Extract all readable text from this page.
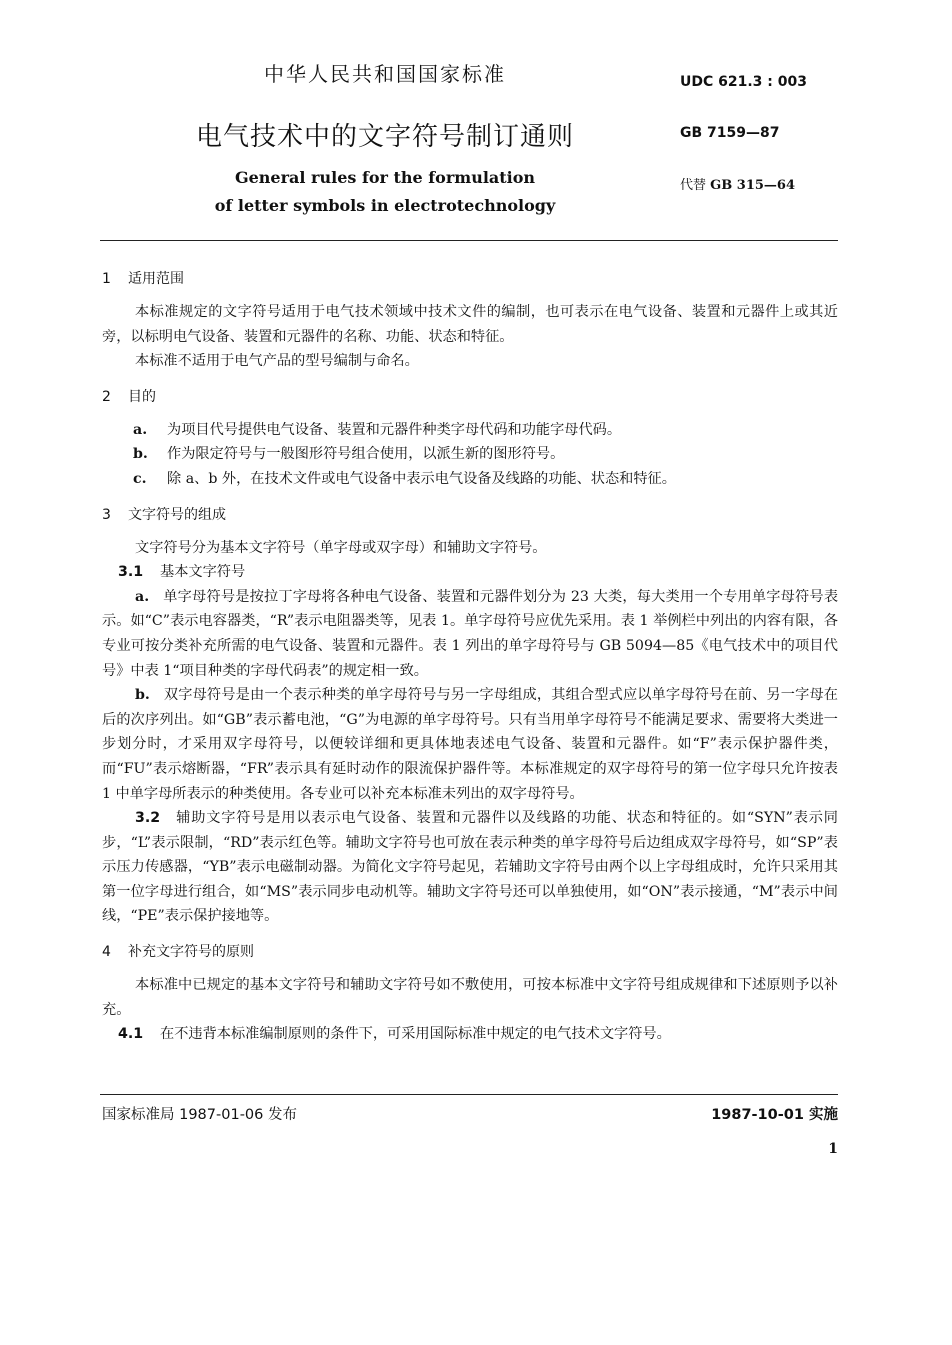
中华人民共和国国家标准
电气技术中的文字符号制订通则
General rules for the formulation
of letter symbols in electrotechnology
UDC 621.3 : 003
GB 7159—87
代替 GB 315—64
1 适用范围

本标准规定的文字符号适用于电气技术领域中技术文件的编制，也可表示在电气设备、装置和元器件上或其近旁，以标明电气设备、装置和元器件的名称、功能、状态和特征。

本标准不适用于电气产品的型号编制与命名。

2 目的

a. 为项目代号提供电气设备、装置和元器件种类字母代码和功能字母代码。

b. 作为限定符号与一般图形符号组合使用，以派生新的图形符号。

c. 除 a、b 外，在技术文件或电气设备中表示电气设备及线路的功能、状态和特征。

3 文字符号的组成

文字符号分为基本文字符号（单字母或双字母）和辅助文字符号。

3.1 基本文字符号

a. 单字母符号是按拉丁字母将各种电气设备、装置和元器件划分为 23 大类，每大类用一个专用单字母符号表示。如“C”表示电容器类，“R”表示电阻器类等，见表 1。单字母符号应优先采用。表 1 举例栏中列出的内容有限，各专业可按分类补充所需的电气设备、装置和元器件。表 1 列出的单字母符号与 GB 5094—85《电气技术中的项目代号》中表 1“项目种类的字母代码表”的规定相一致。

b. 双字母符号是由一个表示种类的单字母符号与另一字母组成，其组合型式应以单字母符号在前、另一字母在后的次序列出。如“GB”表示蓄电池，“G”为电源的单字母符号。只有当用单字母符号不能满足要求、需要将大类进一步划分时，才采用双字母符号，以便较详细和更具体地表述电气设备、装置和元器件。如“F”表示保护器件类，而“FU”表示熔断器，“FR”表示具有延时动作的限流保护器件等。本标准规定的双字母符号的第一位字母只允许按表 1 中单字母所表示的种类使用。各专业可以补充本标准未列出的双字母符号。

3.2 辅助文字符号是用以表示电气设备、装置和元器件以及线路的功能、状态和特征的。如“SYN”表示同步，“L”表示限制，“RD”表示红色等。辅助文字符号也可放在表示种类的单字母符号后边组成双字母符号，如“SP”表示压力传感器，“YB”表示电磁制动器。为简化文字符号起见，若辅助文字符号由两个以上字母组成时，允许只采用其第一位字母进行组合，如“MS”表示同步电动机等。辅助文字符号还可以单独使用，如“ON”表示接通，“M”表示中间线，“PE”表示保护接地等。

4 补充文字符号的原则

本标准中已规定的基本文字符号和辅助文字符号如不敷使用，可按本标准中文字符号组成规律和下述原则予以补充。

4.1 在不违背本标准编制原则的条件下，可采用国际标准中规定的电气技术文字符号。

国家标准局 1987-01-06 发布	1987-10-01 实施
1
